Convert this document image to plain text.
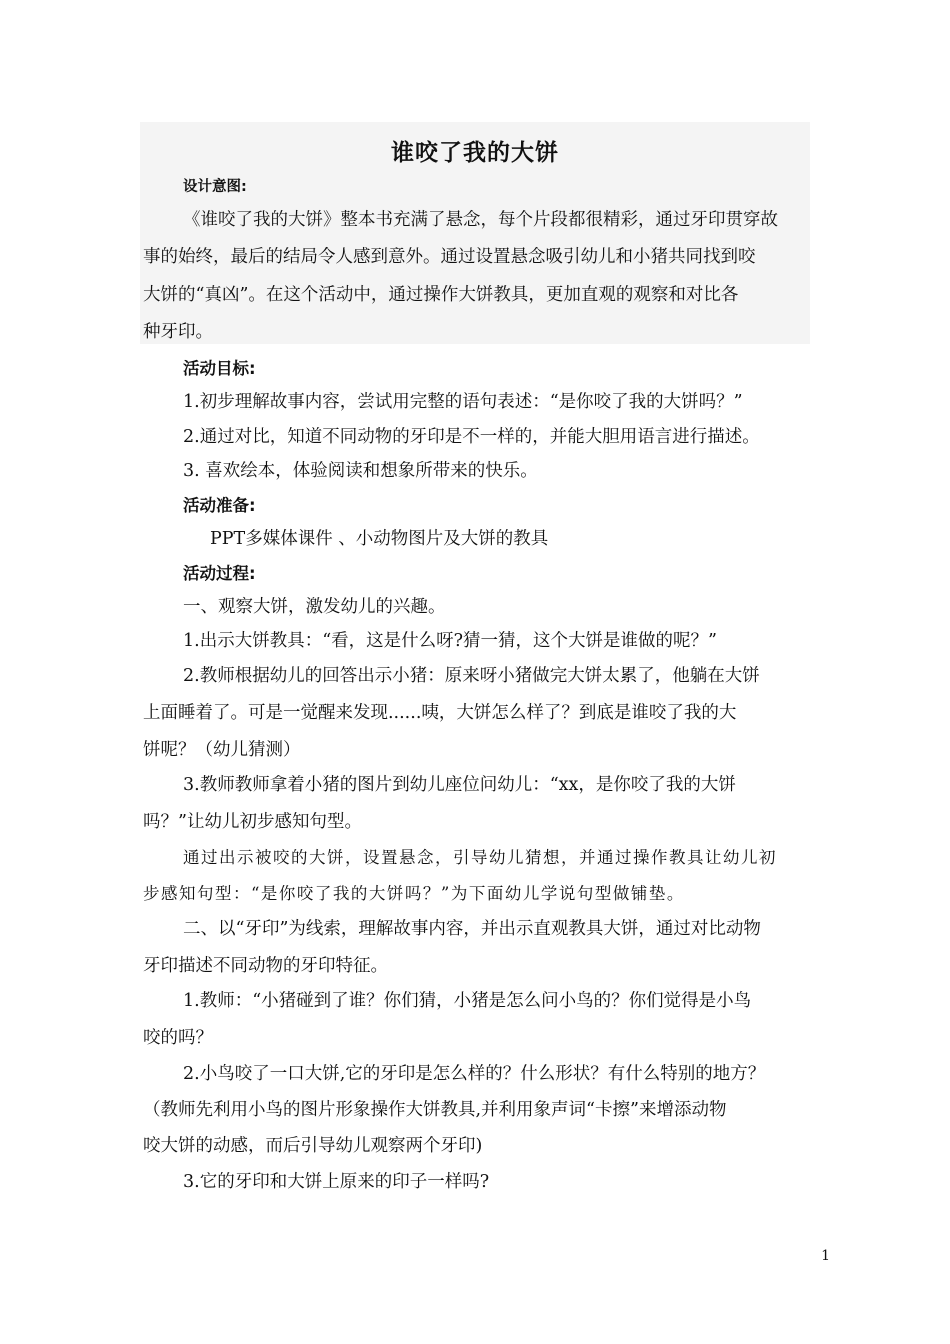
谁咬了我的大饼
设计意图:
《谁咬了我的大饼》整本书充满了悬念，每个片段都很精彩，通过牙印贯穿故
事的始终，最后的结局令人感到意外。通过设置悬念吸引幼儿和小猪共同找到咬
大饼的“真凶”。在这个活动中，通过操作大饼教具，更加直观的观察和对比各
种牙印。
活动目标:
1.初步理解故事内容，尝试用完整的语句表述：“是你咬了我的大饼吗？”
2.通过对比，知道不同动物的牙印是不一样的，并能大胆用语言进行描述。
3. 喜欢绘本，体验阅读和想象所带来的快乐。
活动准备:
PPT多媒体课件 、小动物图片及大饼的教具
活动过程:
一、观察大饼，激发幼儿的兴趣。
1.出示大饼教具：“看，这是什么呀?猜一猜，这个大饼是谁做的呢？”
2.教师根据幼儿的回答出示小猪：原来呀小猪做完大饼太累了，他躺在大饼
上面睡着了。可是一觉醒来发现......咦，大饼怎么样了？到底是谁咬了我的大
饼呢？（幼儿猜测）
3.教师教师拿着小猪的图片到幼儿座位问幼儿：“xx，是你咬了我的大饼
吗？”让幼儿初步感知句型。
通过出示被咬的大饼，设置悬念，引导幼儿猜想，并通过操作教具让幼儿初
步感知句型：“是你咬了我的大饼吗？”为下面幼儿学说句型做铺垫。
二、以“牙印”为线索，理解故事内容，并出示直观教具大饼，通过对比动物
牙印描述不同动物的牙印特征。
1.教师：“小猪碰到了谁？你们猜，小猪是怎么问小鸟的？你们觉得是小鸟
咬的吗？
2.小鸟咬了一口大饼,它的牙印是怎么样的？什么形状？有什么特别的地方？
（教师先利用小鸟的图片形象操作大饼教具,并利用象声词“卡擦”来增添动物
咬大饼的动感，而后引导幼儿观察两个牙印)
3.它的牙印和大饼上原来的印子一样吗?
1
